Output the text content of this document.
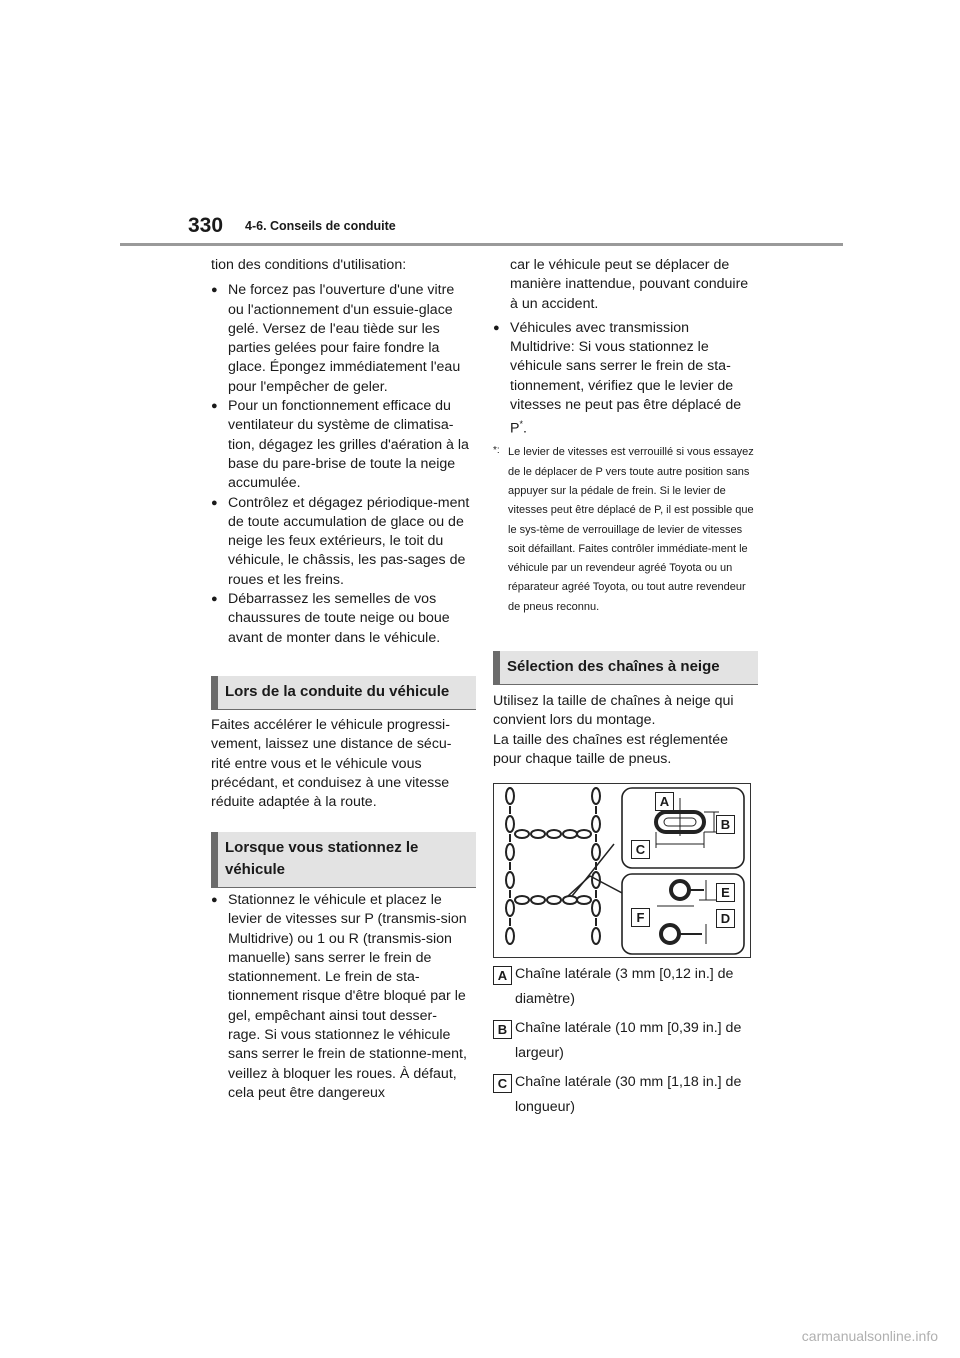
330 4-6. Conseils de conduite

tion des conditions d'utilisation:

● Ne forcez pas l'ouverture d'une vitre ou l'actionnement d'un essuie-glace gelé. Versez de l'eau tiède sur les parties gelées pour faire fondre la glace. Épongez immédiatement l'eau pour l'empêcher de geler.

● Pour un fonctionnement efficace du ventilateur du système de climatisa-tion, dégagez les grilles d'aération à la base du pare-brise de toute la neige accumulée.

● Contrôlez et dégagez périodique-ment de toute accumulation de glace ou de neige les feux extérieurs, le toit du véhicule, le châssis, les pas-sages de roues et les freins.

● Débarrassez les semelles de vos chaussures de toute neige ou boue avant de monter dans le véhicule.

Lors de la conduite du véhicule

Faites accélérer le véhicule progressi-vement, laissez une distance de sécu-rité entre vous et le véhicule vous précédant, et conduisez à une vitesse réduite adaptée à la route.

Lorsque vous stationnez le véhicule

● Stationnez le véhicule et placez le levier de vitesses sur P (transmis-sion Multidrive) ou 1 ou R (transmis-sion manuelle) sans serrer le frein de stationnement. Le frein de sta-tionnement risque d'être bloqué par le gel, empêchant ainsi tout desser-rage. Si vous stationnez le véhicule sans serrer le frein de stationne-ment, veillez à bloquer les roues. À défaut, cela peut être dangereux

car le véhicule peut se déplacer de manière inattendue, pouvant conduire à un accident.

● Véhicules avec transmission Multidrive: Si vous stationnez le véhicule sans serrer le frein de sta-tionnement, vérifiez que le levier de vitesses ne peut pas être déplacé de P*.

*: Le levier de vitesses est verrouillé si vous essayez de le déplacer de P vers toute autre position sans appuyer sur la pédale de frein. Si le levier de vitesses peut être déplacé de P, il est possible que le sys-tème de verrouillage de levier de vitesses soit défaillant. Faites contrôler immédiate-ment le véhicule par un revendeur agréé Toyota ou un réparateur agréé Toyota, ou tout autre revendeur de pneus reconnu.

Sélection des chaînes à neige

Utilisez la taille de chaînes à neige qui convient lors du montage.
La taille des chaînes est réglementée pour chaque taille de pneus.

A
B
C
E
F	D
A Chaîne latérale (3 mm [0,12 in.] de diamètre)
B Chaîne latérale (10 mm [0,39 in.] de largeur)
C Chaîne latérale (30 mm [1,18 in.] de longueur)
carmanualsonline.info
